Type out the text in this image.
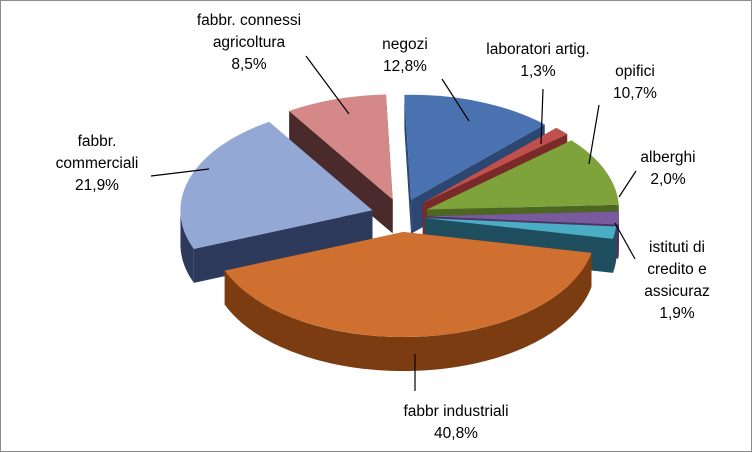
negozi 12,8%
laboratori artig. 1,3%	opifici 10,7%
alberghi 2,0%
istituti di credito e assicuraz 1,9%
fabbr industriali 40,8%
fabbr. commerciali 21,9%
fabbr. connessi agricoltura 8,5%
